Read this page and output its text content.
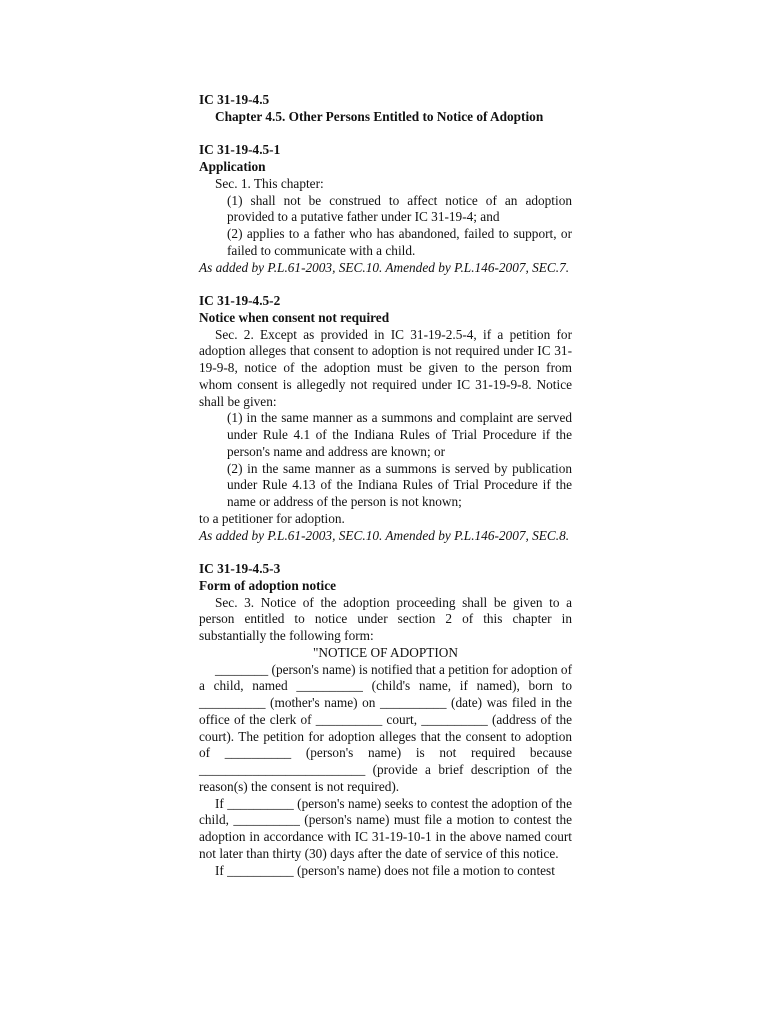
IC 31-19-4.5

Chapter 4.5. Other Persons Entitled to Notice of Adoption

IC 31-19-4.5-1

Application

Sec. 1. This chapter:

(1) shall not be construed to affect notice of an adoption provided to a putative father under IC 31-19-4; and

(2) applies to a father who has abandoned, failed to support, or failed to communicate with a child.

As added by P.L.61-2003, SEC.10. Amended by P.L.146-2007, SEC.7.

IC 31-19-4.5-2

Notice when consent not required

Sec. 2. Except as provided in IC 31-19-2.5-4, if a petition for adoption alleges that consent to adoption is not required under IC 31-19-9-8, notice of the adoption must be given to the person from whom consent is allegedly not required under IC 31-19-9-8. Notice shall be given:

(1) in the same manner as a summons and complaint are served under Rule 4.1 of the Indiana Rules of Trial Procedure if the person's name and address are known; or

(2) in the same manner as a summons is served by publication under Rule 4.13 of the Indiana Rules of Trial Procedure if the name or address of the person is not known;

to a petitioner for adoption.

As added by P.L.61-2003, SEC.10. Amended by P.L.146-2007, SEC.8.

IC 31-19-4.5-3

Form of adoption notice

Sec. 3. Notice of the adoption proceeding shall be given to a person entitled to notice under section 2 of this chapter in substantially the following form:

"NOTICE OF ADOPTION

________ (person's name) is notified that a petition for adoption of a child, named __________ (child's name, if named), born to __________ (mother's name) on __________ (date) was filed in the office of the clerk of __________ court, __________ (address of the court). The petition for adoption alleges that the consent to adoption of __________ (person's name) is not required because _________________________ (provide a brief description of the reason(s) the consent is not required).

If __________ (person's name) seeks to contest the adoption of the child, __________ (person's name) must file a motion to contest the adoption in accordance with IC 31-19-10-1 in the above named court not later than thirty (30) days after the date of service of this notice.

If __________ (person's name) does not file a motion to contest
